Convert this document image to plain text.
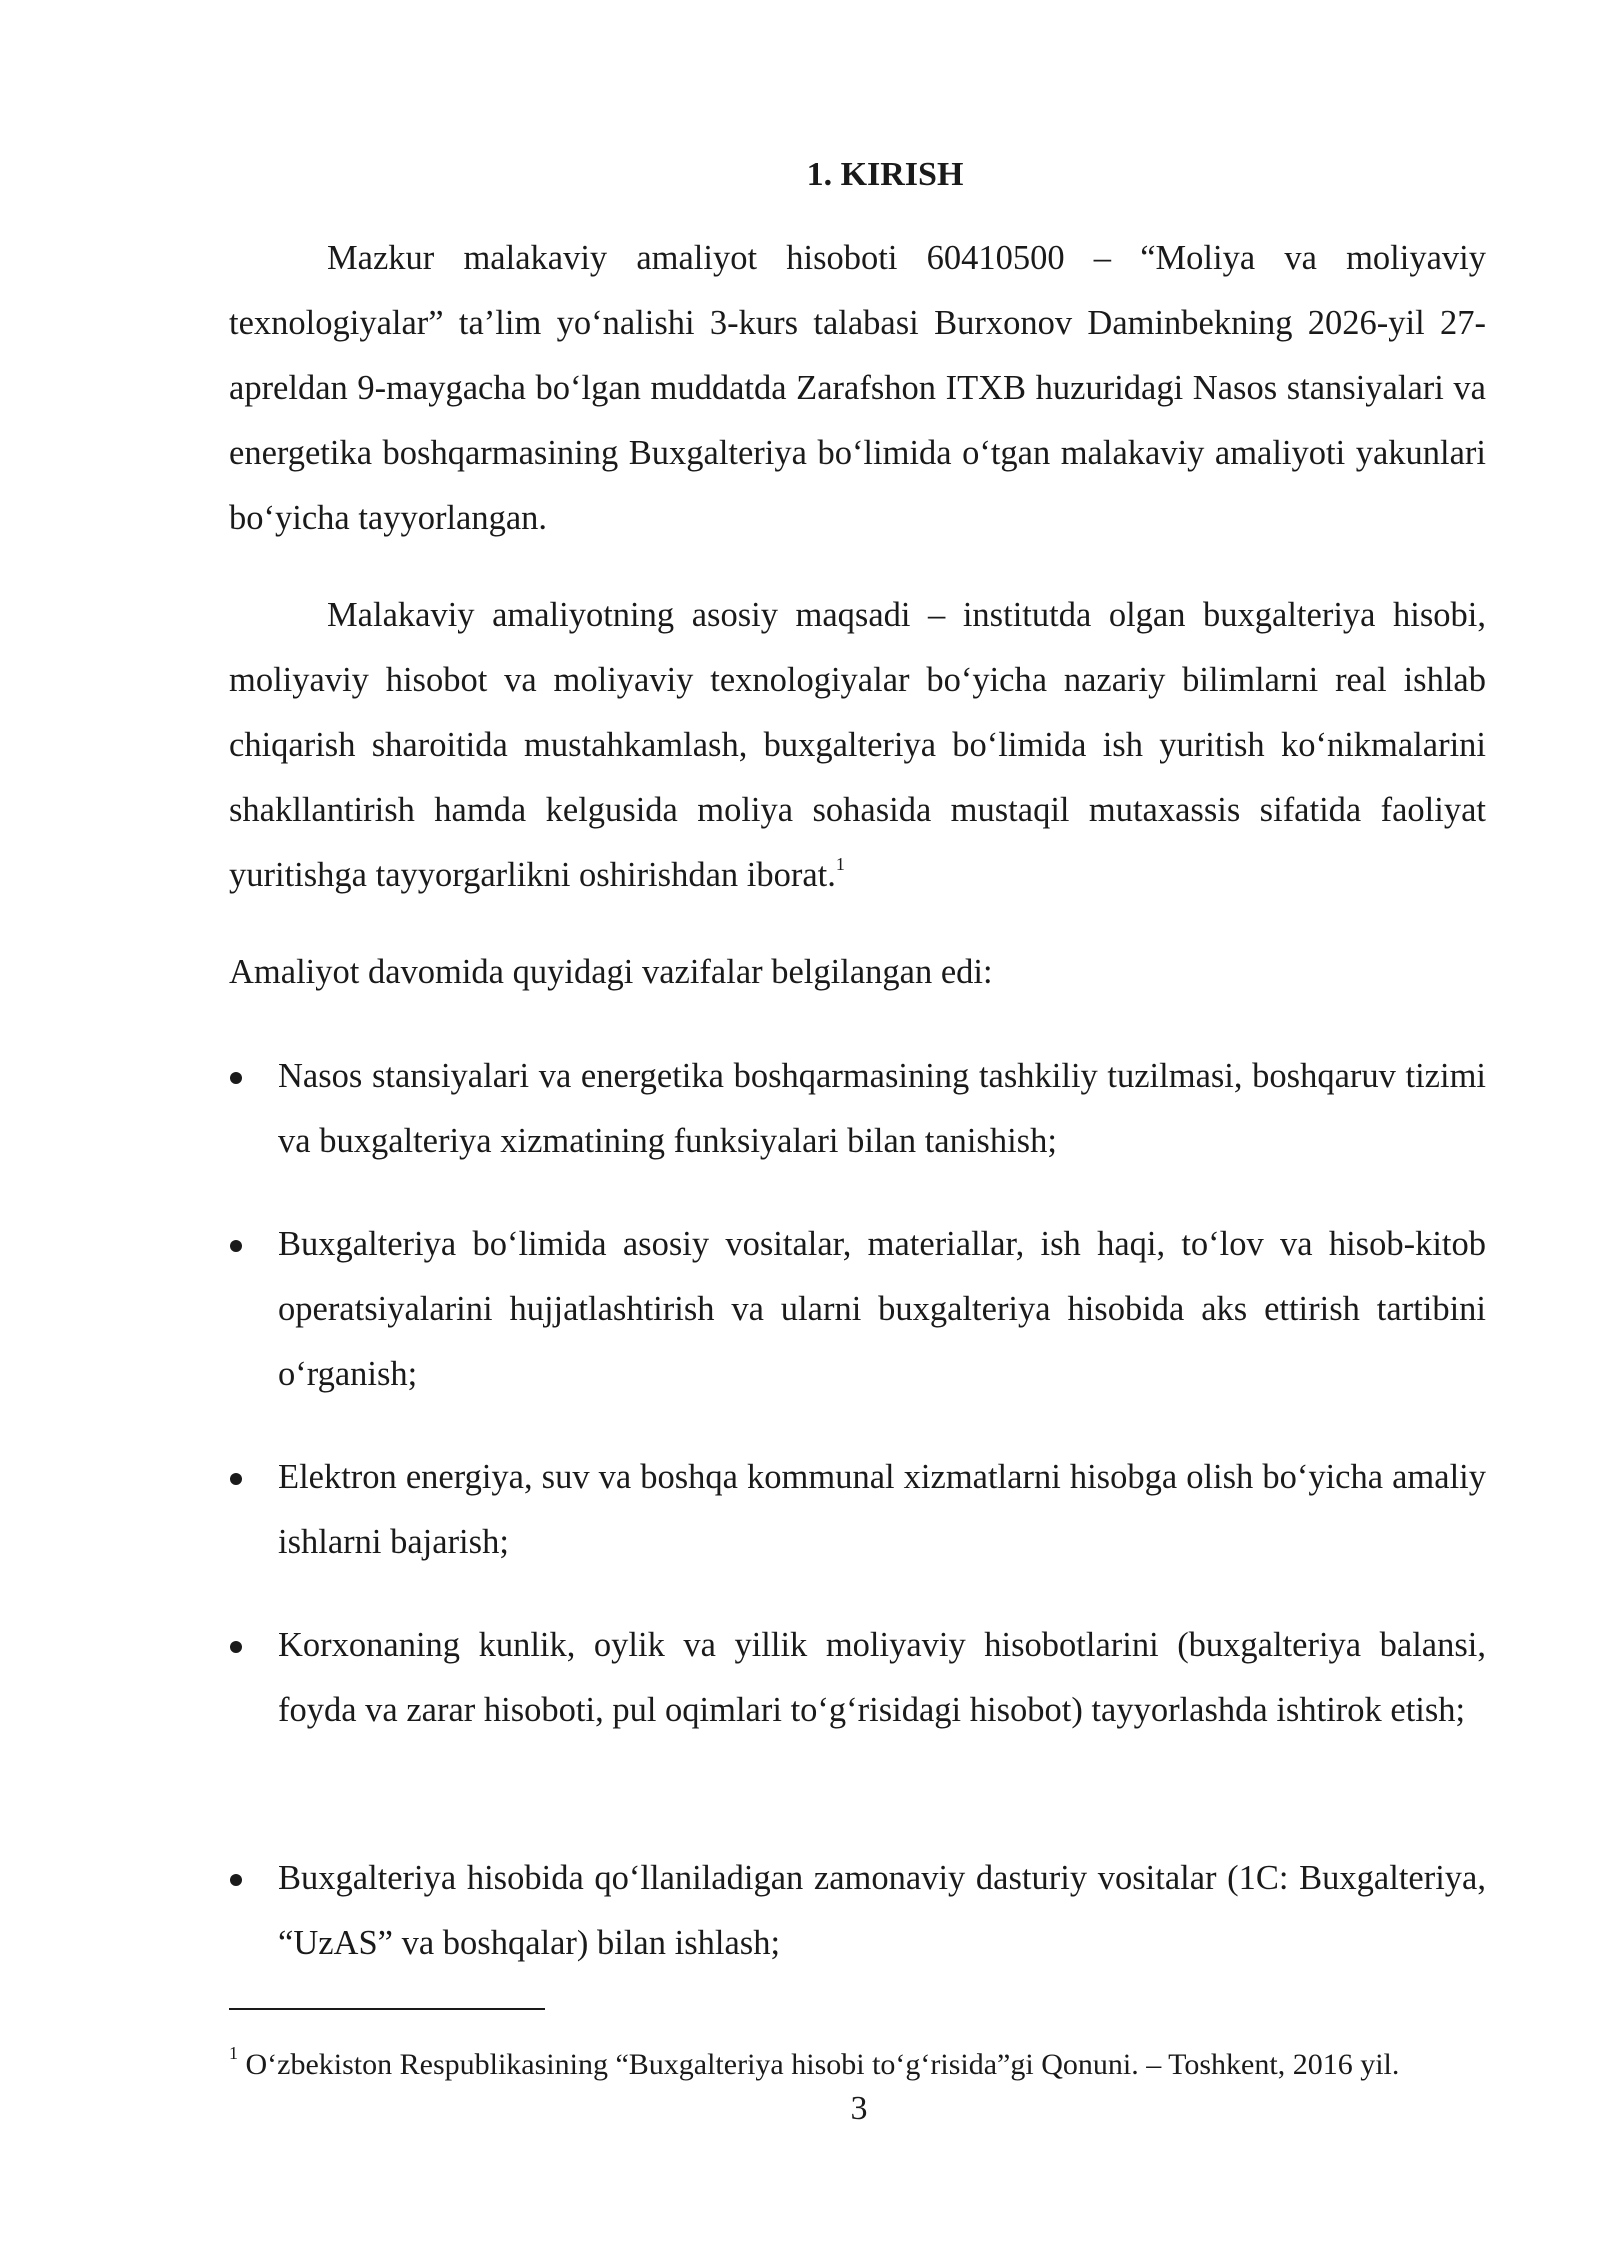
1. KIRISH
Mazkur malakaviy amaliyot hisoboti 60410500 – “Moliya va moliyaviy texnologiyalar” ta’lim yo‘nalishi 3-kurs talabasi Burxonov Daminbekning 2026-yil 27-apreldan 9-maygacha bo‘lgan muddatda Zarafshon ITXB huzuridagi Nasos stansiyalari va energetika boshqarmasining Buxgalteriya bo‘limida o‘tgan malakaviy amaliyoti yakunlari bo‘yicha tayyorlangan.
Malakaviy amaliyotning asosiy maqsadi – institutda olgan buxgalteriya hisobi, moliyaviy hisobot va moliyaviy texnologiyalar bo‘yicha nazariy bilimlarni real ishlab chiqarish sharoitida mustahkamlash, buxgalteriya bo‘limida ish yuritish ko‘nikmalarini shakllantirish hamda kelgusida moliya sohasida mustaqil mutaxassis sifatida faoliyat yuritishga tayyorgarlikni oshirishdan iborat.$^1$
Amaliyot davomida quyidagi vazifalar belgilangan edi:
Nasos stansiyalari va energetika boshqarmasining tashkiliy tuzilmasi, boshqaruv tizimi va buxgalteriya xizmatining funksiyalari bilan tanishish;
Buxgalteriya bo‘limida asosiy vositalar, materiallar, ish haqi, to‘lov va hisob-kitob operatsiyalarini hujjatlashtirish va ularni buxgalteriya hisobida aks ettirish tartibini o‘rganish;
Elektron energiya, suv va boshqa kommunal xizmatlarni hisobga olish bo‘yicha amaliy ishlarni bajarish;
Korxonaning kunlik, oylik va yillik moliyaviy hisobotlarini (buxgalteriya balansi, foyda va zarar hisoboti, pul oqimlari to‘g‘risidagi hisobot) tayyorlashda ishtirok etish;
Buxgalteriya hisobida qo‘llaniladigan zamonaviy dasturiy vositalar (1C: Buxgalteriya, “UzAS” va boshqalar) bilan ishlash;
$^1$ O‘zbekiston Respublikasining “Buxgalteriya hisobi to‘g‘risida”gi Qonuni. – Toshkent, 2016 yil.
3
